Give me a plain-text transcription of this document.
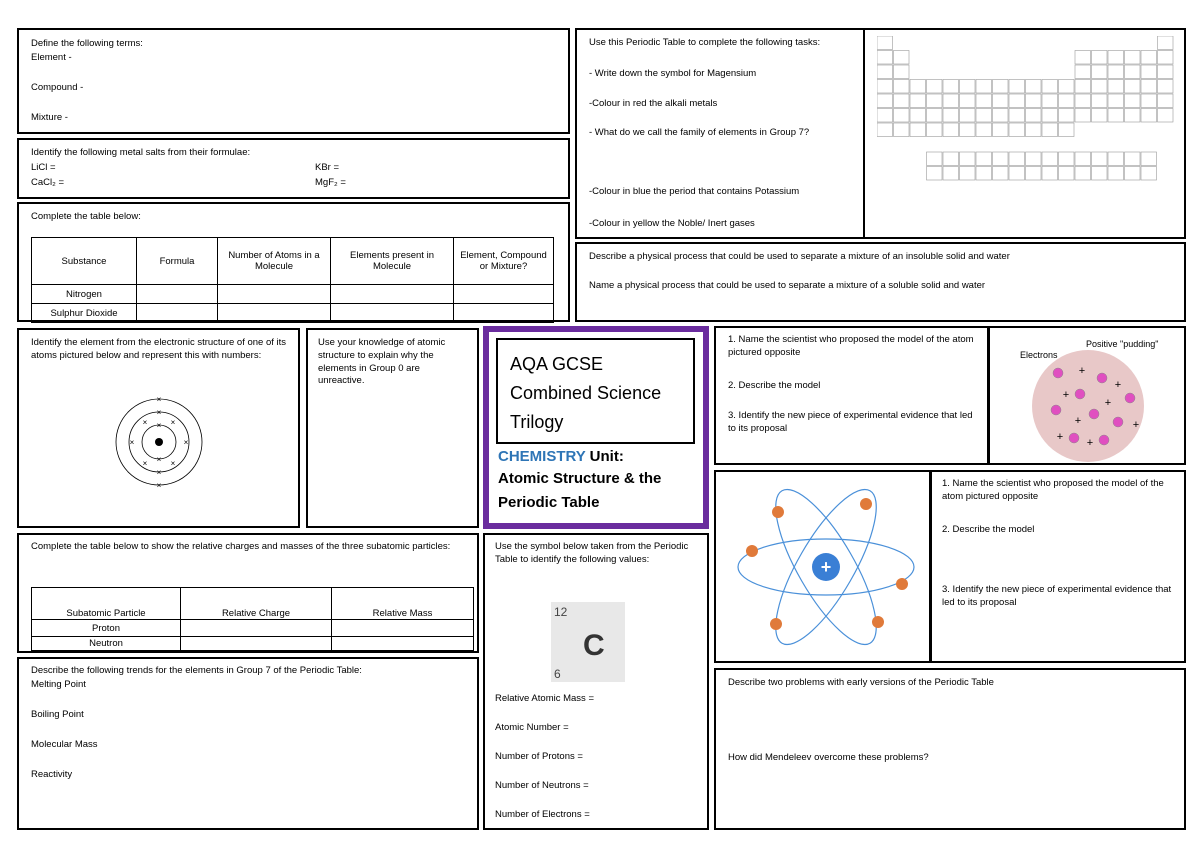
Define the following terms:
Element -
Compound -
Mixture -
Identify the following metal salts from their formulae:
LiCl =
CaCl₂ =
KBr =
MgF₂ =
Complete the table below:
Substance	Formula	Number of Atoms in a Molecule	Elements present in Molecule	Element, Compound or Mixture?
Nitrogen				
Sulphur Dioxide				
Use this Periodic Table to complete the following tasks:
- Write down the symbol for Magensium
-Colour in red the alkali metals
- What do we call the family of elements in Group 7?
-Colour in blue the period that contains Potassium
-Colour in yellow the Noble/ Inert gases
Describe a physical process that could be used to separate a mixture of an insoluble solid and water
Name a physical process that could be used to separate a mixture of a soluble solid and water
Identify the element from the electronic structure of one of its atoms pictured below and represent this with numbers:
×
×
×
×
×	×
×	×
×	×
×
×
Use your knowledge of atomic structure to explain why the elements in Group 0 are unreactive.
AQA GCSE
Combined Science
Trilogy
CHEMISTRY Unit:
Atomic Structure & the
Periodic Table
1. Name the scientist who proposed the model of the atom pictured opposite
2. Describe the model
3. Identify the new piece of experimental evidence that led to its proposal
Positive "pudding"
Electrons
+
+
+
+
+	+
+
+
+
1. Name the scientist who proposed the model of the atom pictured opposite
2. Describe the model
3. Identify the new piece of experimental evidence that led to its proposal
Complete the table below to show the relative charges and masses of the three subatomic particles:
Subatomic Particle	Relative Charge	Relative Mass
Proton		
Neutron		
Use the symbol below taken from the Periodic Table to identify the following values:
12
C
6
Relative Atomic Mass =
Atomic Number =
Number of Protons =
Number of Neutrons =
Number of Electrons =
Describe the following trends for the elements in Group 7 of the Periodic Table:
Melting Point
Boiling Point
Molecular Mass
Reactivity
Describe two problems with early versions of the Periodic Table
How did Mendeleev overcome these problems?
